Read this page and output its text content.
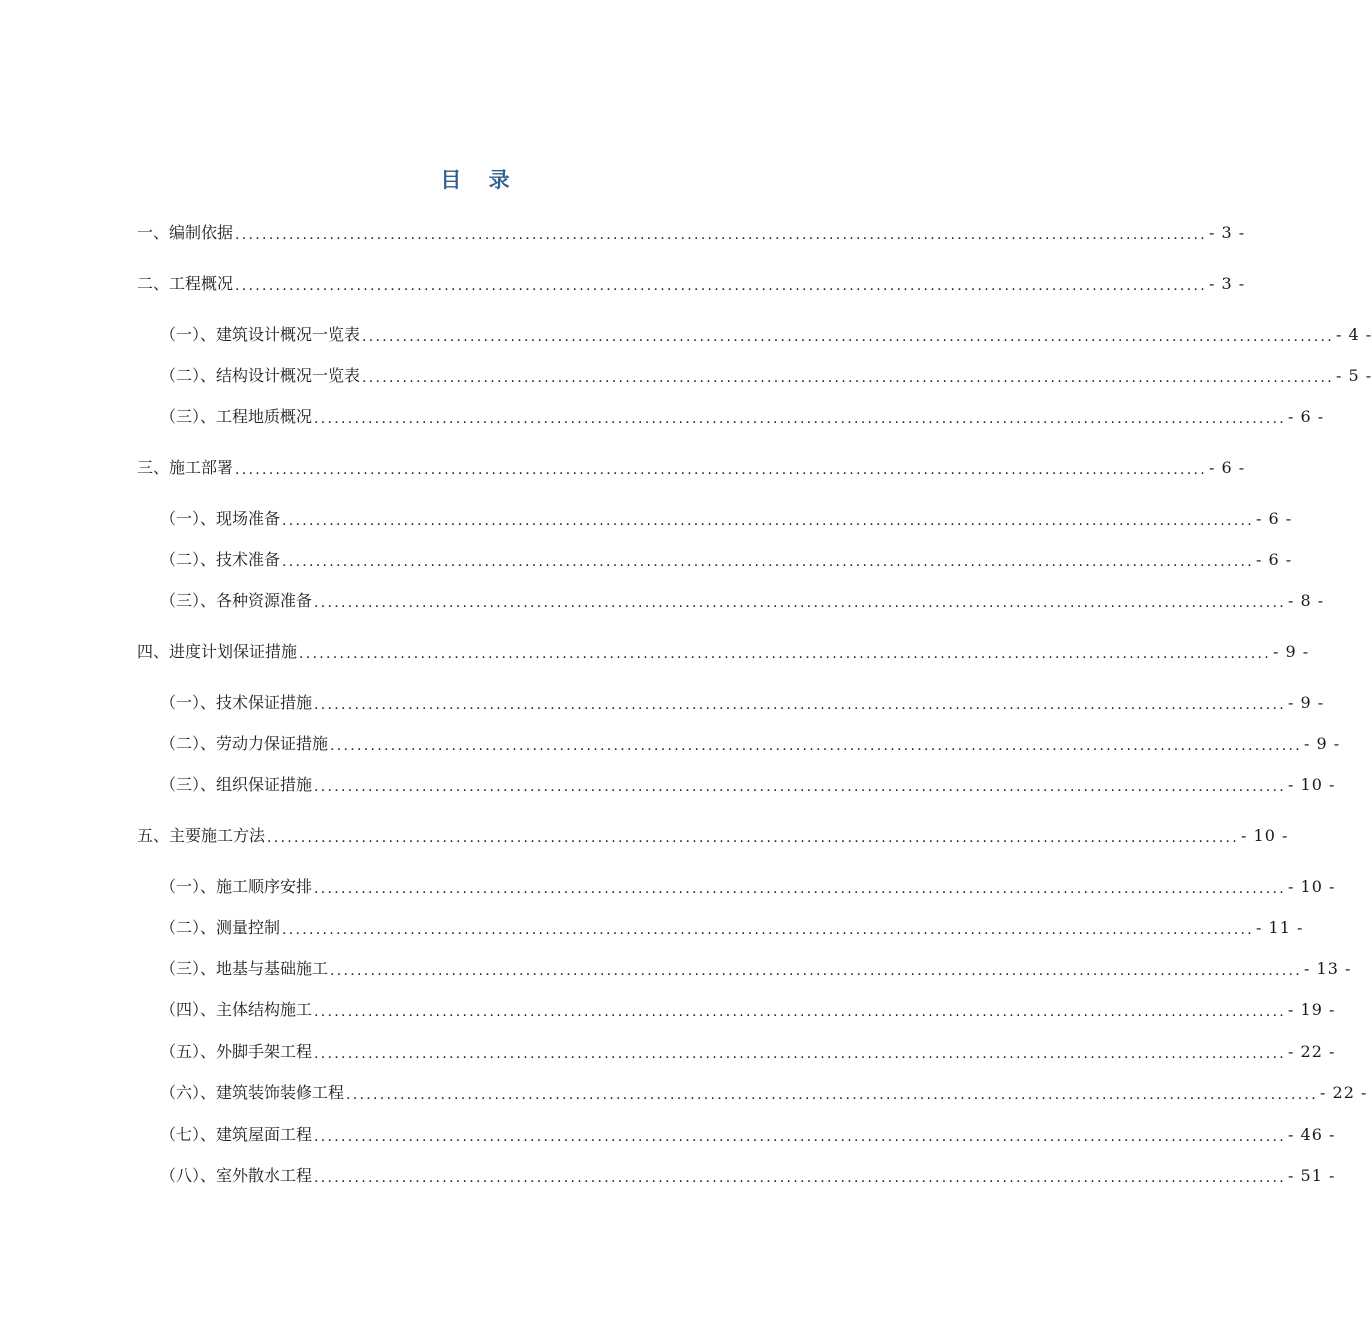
目 录
一、编制依据 ................................................................................................................................................ - 3 -
二、工程概况 ................................................................................................................................................ - 3 -
（一）、建筑设计概况一览表 ................................................................................................................................................ - 4 -
（二）、结构设计概况一览表 ................................................................................................................................................ - 5 -
（三）、工程地质概况 ................................................................................................................................................ - 6 -
三、施工部署 ................................................................................................................................................ - 6 -
（一）、现场准备 ................................................................................................................................................ - 6 -
（二）、技术准备 ................................................................................................................................................ - 6 -
（三）、各种资源准备 ................................................................................................................................................ - 8 -
四、进度计划保证措施 ................................................................................................................................................ - 9 -
（一）、技术保证措施 ................................................................................................................................................ - 9 -
（二）、劳动力保证措施 ................................................................................................................................................ - 9 -
（三）、组织保证措施 ................................................................................................................................................ - 10 -
五、主要施工方法 ................................................................................................................................................ - 10 -
（一）、施工顺序安排 ................................................................................................................................................ - 10 -
（二）、测量控制 ................................................................................................................................................ - 11 -
（三）、地基与基础施工 ................................................................................................................................................ - 13 -
（四）、主体结构施工 ................................................................................................................................................ - 19 -
（五）、外脚手架工程 ................................................................................................................................................ - 22 -
（六）、建筑装饰装修工程 ................................................................................................................................................ - 22 -
（七）、建筑屋面工程 ................................................................................................................................................ - 46 -
（八）、室外散水工程 ................................................................................................................................................ - 51 -
